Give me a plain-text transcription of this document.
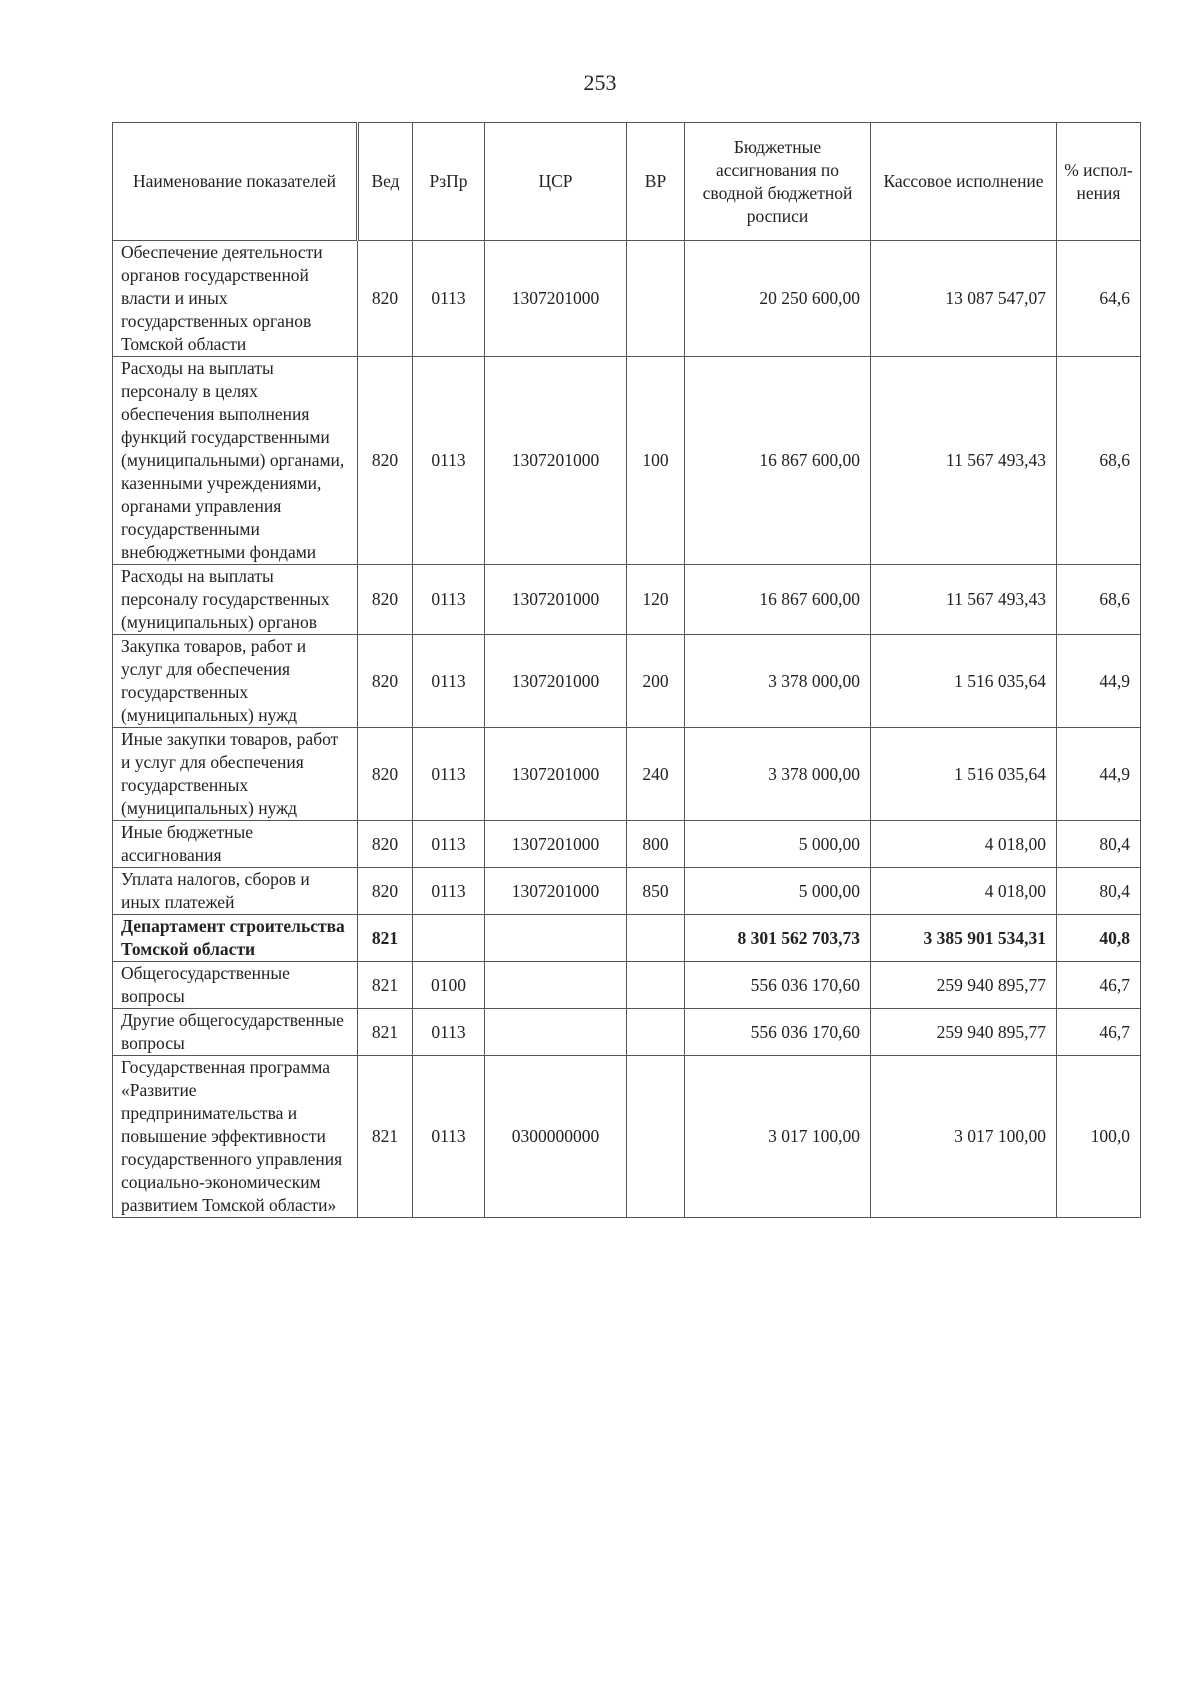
253
Наименование показателей	Вед	РзПр	ЦСР	ВР	Бюджетные ассигнования по сводной бюджетной росписи	Кассовое исполнение	% испол-нения
Обеспечение деятельности органов государственной власти и иных государственных органов Томской области	820	0113	1307201000		20 250 600,00	13 087 547,07	64,6
Расходы на выплаты персоналу в целях обеспечения выполнения функций государственными (муниципальными) органами, казенными учреждениями, органами управления государственными внебюджетными фондами	820	0113	1307201000	100	16 867 600,00	11 567 493,43	68,6
Расходы на выплаты персоналу государственных (муниципальных) органов	820	0113	1307201000	120	16 867 600,00	11 567 493,43	68,6
Закупка товаров, работ и услуг для обеспечения государственных (муниципальных) нужд	820	0113	1307201000	200	3 378 000,00	1 516 035,64	44,9
Иные закупки товаров, работ и услуг для обеспечения государственных (муниципальных) нужд	820	0113	1307201000	240	3 378 000,00	1 516 035,64	44,9
Иные бюджетные ассигнования	820	0113	1307201000	800	5 000,00	4 018,00	80,4
Уплата налогов, сборов и иных платежей	820	0113	1307201000	850	5 000,00	4 018,00	80,4
Департамент строительства Томской области	821				8 301 562 703,73	3 385 901 534,31	40,8
Общегосударственные вопросы	821	0100			556 036 170,60	259 940 895,77	46,7
Другие общегосударственные вопросы	821	0113			556 036 170,60	259 940 895,77	46,7
Государственная программа «Развитие предпринимательства и повышение эффективности государственного управления социально-экономическим развитием Томской области»	821	0113	0300000000		3 017 100,00	3 017 100,00	100,0
